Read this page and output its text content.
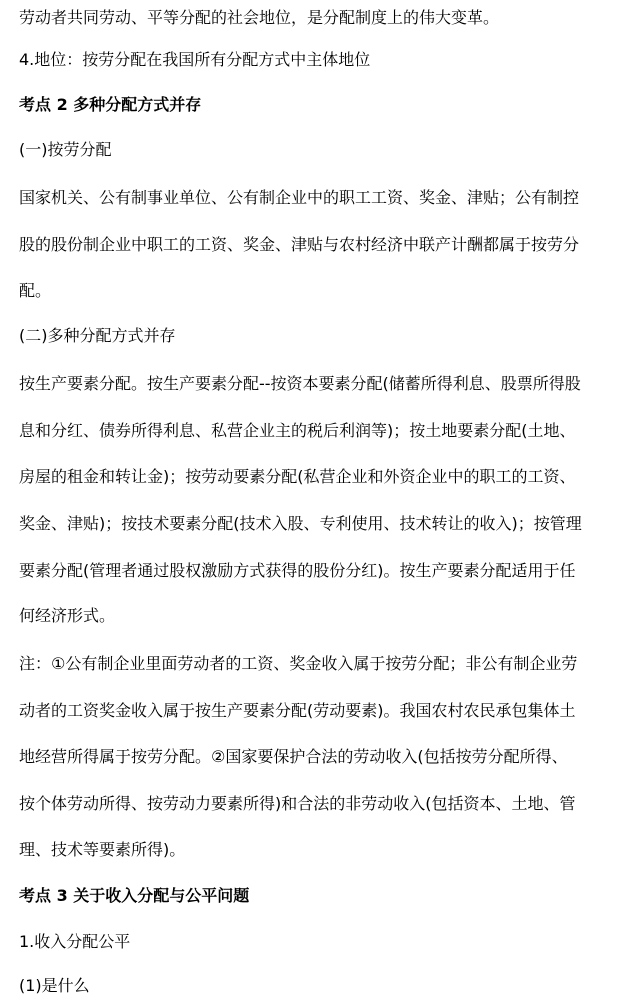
劳动者共同劳动、平等分配的社会地位，是分配制度上的伟大变革。
4.地位：按劳分配在我国所有分配方式中主体地位
考点 2 多种分配方式并存
(一)按劳分配
国家机关、公有制事业单位、公有制企业中的职工工资、奖金、津贴；公有制控
股的股份制企业中职工的工资、奖金、津贴与农村经济中联产计酬都属于按劳分
配。
(二)多种分配方式并存
按生产要素分配。按生产要素分配--按资本要素分配(储蓄所得利息、股票所得股
息和分红、债券所得利息、私营企业主的税后利润等)；按土地要素分配(土地、
房屋的租金和转让金)；按劳动要素分配(私营企业和外资企业中的职工的工资、
奖金、津贴)；按技术要素分配(技术入股、专利使用、技术转让的收入)；按管理
要素分配(管理者通过股权激励方式获得的股份分红)。按生产要素分配适用于任
何经济形式。
注：①公有制企业里面劳动者的工资、奖金收入属于按劳分配；非公有制企业劳
动者的工资奖金收入属于按生产要素分配(劳动要素)。我国农村农民承包集体土
地经营所得属于按劳分配。②国家要保护合法的劳动收入(包括按劳分配所得、
按个体劳动所得、按劳动力要素所得)和合法的非劳动收入(包括资本、土地、管
理、技术等要素所得)。
考点 3 关于收入分配与公平问题
1.收入分配公平
(1)是什么
